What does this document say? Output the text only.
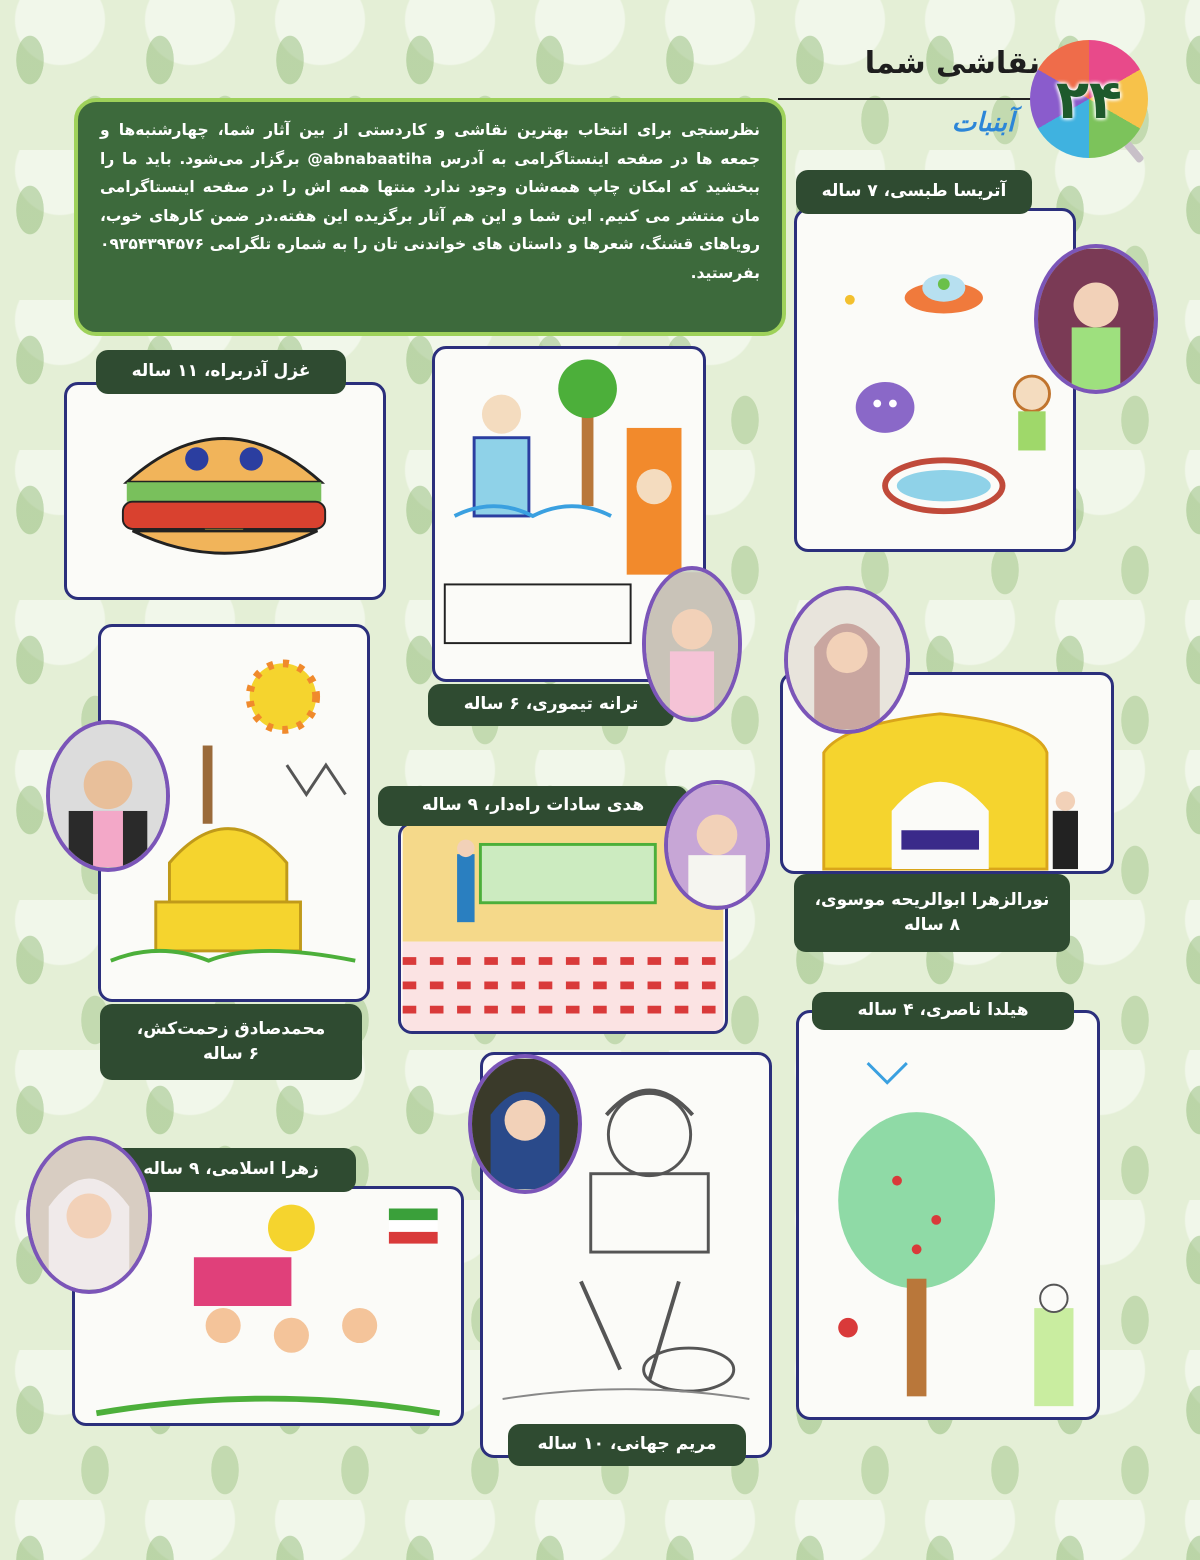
نقاشی شما
۲۴
آبنبات
نظرسنجی برای انتخاب بهترین نقاشی و کاردستی از بین آثار شما، چهارشنبه‌ها و جمعه ها در صفحه اینستاگرامی به آدرس abnabaatiha@ برگزار می‌شود. باید ما را ببخشید که امکان چاپ همه‌شان وجود ندارد منتها همه اش را در صفحه اینستاگرامی مان منتشر می کنیم. این شما و این هم آثار برگزیده این هفته.در ضمن کارهای خوب، رویاهای قشنگ، شعرها و داستان های خواندنی تان را به شماره تلگرامی ۰۹۳۵۴۳۹۴۵۷۶ بفرستید.
آتریسا طبسی، ۷ ساله
غزل آذربراه، ۱۱ ساله
ترانه تیموری، ۶ ساله
نورالزهرا ابوالریحه موسوی،
۸ ساله
محمدصادق زحمت‌کش،
۶ ساله
هدی سادات راه‌دار، ۹ ساله
هیلدا ناصری، ۴ ساله
زهرا اسلامی، ۹ ساله
مریم جهانی، ۱۰ ساله
